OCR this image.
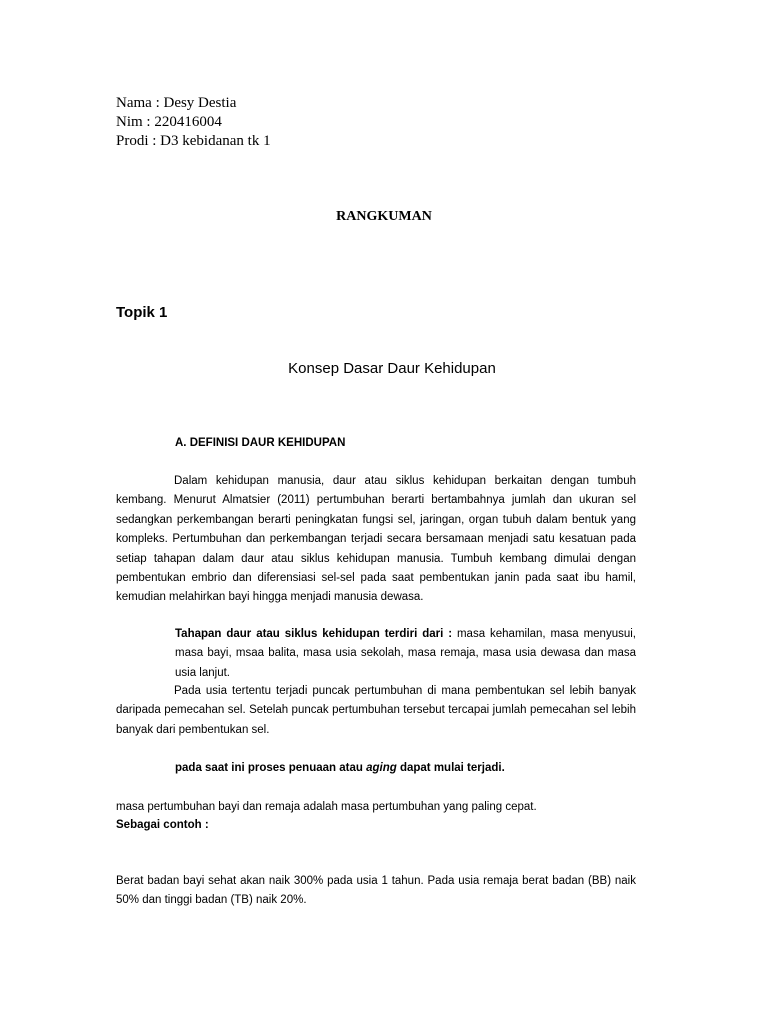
Nama : Desy Destia
Nim : 220416004
Prodi : D3 kebidanan tk 1
RANGKUMAN
Topik 1
Konsep Dasar Daur Kehidupan
A. DEFINISI DAUR KEHIDUPAN
Dalam kehidupan manusia, daur atau siklus kehidupan berkaitan dengan tumbuh kembang. Menurut Almatsier (2011) pertumbuhan berarti bertambahnya jumlah dan ukuran sel sedangkan perkembangan berarti peningkatan fungsi sel, jaringan, organ tubuh dalam bentuk yang kompleks. Pertumbuhan dan perkembangan terjadi secara bersamaan menjadi satu kesatuan pada setiap tahapan dalam daur atau siklus kehidupan manusia. Tumbuh kembang dimulai dengan pembentukan embrio dan diferensiasi sel-sel pada saat pembentukan janin pada saat ibu hamil, kemudian melahirkan bayi hingga menjadi manusia dewasa.
Tahapan daur atau siklus kehidupan terdiri dari : masa kehamilan, masa menyusui, masa bayi, msaa balita, masa usia sekolah, masa remaja, masa usia dewasa dan masa usia lanjut.
Pada usia tertentu terjadi puncak pertumbuhan di mana pembentukan sel lebih banyak daripada pemecahan sel. Setelah puncak pertumbuhan tersebut tercapai jumlah pemecahan sel lebih banyak dari pembentukan sel.
pada saat ini proses penuaan atau aging dapat mulai terjadi.
masa pertumbuhan bayi dan remaja adalah masa pertumbuhan yang paling cepat.
Sebagai contoh :
Berat badan bayi sehat akan naik 300% pada usia 1 tahun. Pada usia remaja berat badan (BB) naik 50% dan tinggi badan (TB) naik 20%.
